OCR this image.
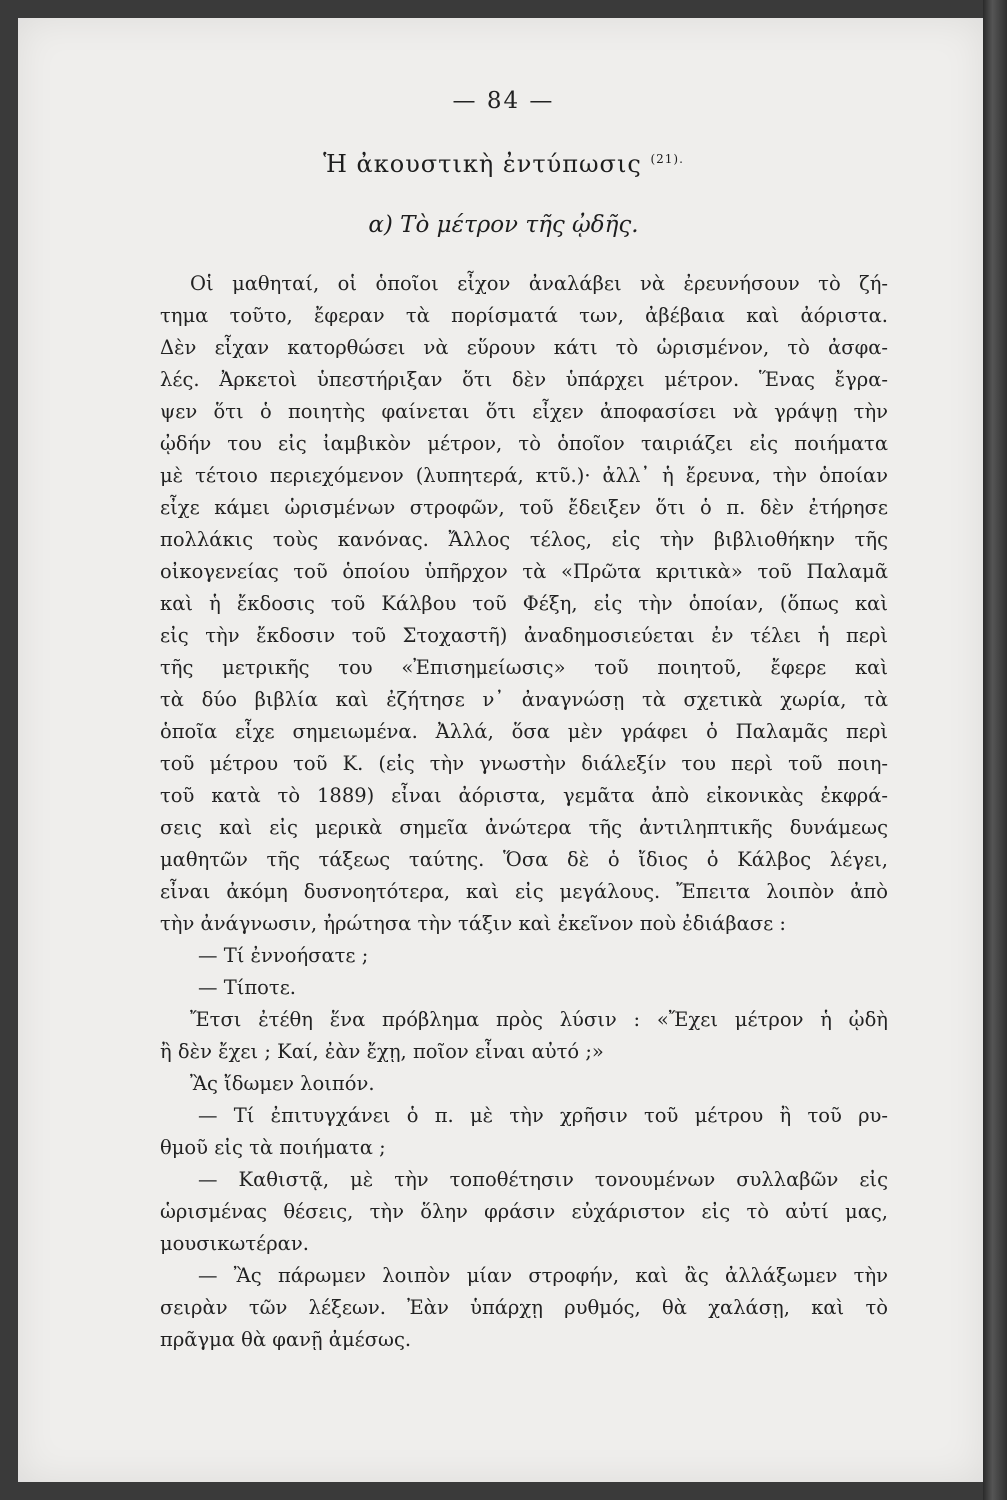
— 84 —
Ἡ ἀκουστικὴ ἐντύπωσις $^{(21).}$
α) Τὸ μέτρον τῆς ᾠδῆς.
Οἱ μαθηταί, οἱ ὁποῖοι εἶχον ἀναλάβει νὰ ἐρευνήσουν τὸ ζή-
τημα τοῦτο, ἔφεραν τὰ πορίσματά των, ἀβέβαια καὶ ἀόριστα.
Δὲν εἶχαν κατορθώσει νὰ εὕρουν κάτι τὸ ὡρισμένον, τὸ ἀσφα-
λές. Ἀρκετοὶ ὑπεστήριξαν ὅτι δὲν ὑπάρχει μέτρον. Ἕνας ἔγρα-
ψεν ὅτι ὁ ποιητὴς φαίνεται ὅτι εἶχεν ἀποφασίσει νὰ γράψῃ τὴν
ᾠδήν του εἰς ἰαμβικὸν μέτρον, τὸ ὁποῖον ταιριάζει εἰς ποιήματα
μὲ τέτοιο περιεχόμενον (λυπητερά, κτῦ.)· ἀλλ᾽ ἡ ἔρευνα, τὴν ὁποίαν
εἶχε κάμει ὡρισμένων στροφῶν, τοῦ ἔδειξεν ὅτι ὁ π. δὲν ἐτήρησε
πολλάκις τοὺς κανόνας. Ἄλλος τέλος, εἰς τὴν βιβλιοθήκην τῆς
οἰκογενείας τοῦ ὁποίου ὑπῆρχον τὰ «Πρῶτα κριτικὰ» τοῦ Παλαμᾶ
καὶ ἡ ἔκδοσις τοῦ Κάλβου τοῦ Φέξη, εἰς τὴν ὁποίαν, (ὅπως καὶ
εἰς τὴν ἔκδοσιν τοῦ Στοχαστῆ) ἀναδημοσιεύεται ἐν τέλει ἡ περὶ
τῆς μετρικῆς του «Ἐπισημείωσις» τοῦ ποιητοῦ, ἔφερε καὶ
τὰ δύο βιβλία καὶ ἐζήτησε ν᾽ ἀναγνώσῃ τὰ σχετικὰ χωρία, τὰ
ὁποῖα εἶχε σημειωμένα. Ἀλλά, ὅσα μὲν γράφει ὁ Παλαμᾶς περὶ
τοῦ μέτρου τοῦ Κ. (εἰς τὴν γνωστὴν διάλεξίν του περὶ τοῦ ποιη-
τοῦ κατὰ τὸ 1889) εἶναι ἀόριστα, γεμᾶτα ἀπὸ εἰκονικὰς ἐκφρά-
σεις καὶ εἰς μερικὰ σημεῖα ἀνώτερα τῆς ἀντιληπτικῆς δυνάμεως
μαθητῶν τῆς τάξεως ταύτης. Ὅσα δὲ ὁ ἴδιος ὁ Κάλβος λέγει,
εἶναι ἀκόμη δυσνοητότερα, καὶ εἰς μεγάλους. Ἔπειτα λοιπὸν ἀπὸ
τὴν ἀνάγνωσιν, ἠρώτησα τὴν τάξιν καὶ ἐκεῖνον ποὺ ἐδιάβασε :
— Τί ἐννοήσατε ;
— Τίποτε.
Ἔτσι ἐτέθη ἕνα πρόβλημα πρὸς λύσιν : «Ἔχει μέτρον ἡ ᾠδὴ
ἢ δὲν ἔχει ; Καί, ἐὰν ἔχῃ, ποῖον εἶναι αὐτό ;»
Ἂς ἴδωμεν λοιπόν.
— Τί ἐπιτυγχάνει ὁ π. μὲ τὴν χρῆσιν τοῦ μέτρου ἢ τοῦ ρυ-
θμοῦ εἰς τὰ ποιήματα ;
— Καθιστᾷ, μὲ τὴν τοποθέτησιν τονουμένων συλλαβῶν εἰς
ὡρισμένας θέσεις, τὴν ὅλην φράσιν εὐχάριστον εἰς τὸ αὐτί μας,
μουσικωτέραν.
— Ἂς πάρωμεν λοιπὸν μίαν στροφήν, καὶ ἂς ἀλλάξωμεν τὴν
σειρὰν τῶν λέξεων. Ἐὰν ὑπάρχῃ ρυθμός, θὰ χαλάσῃ, καὶ τὸ
πρᾶγμα θὰ φανῇ ἀμέσως.
